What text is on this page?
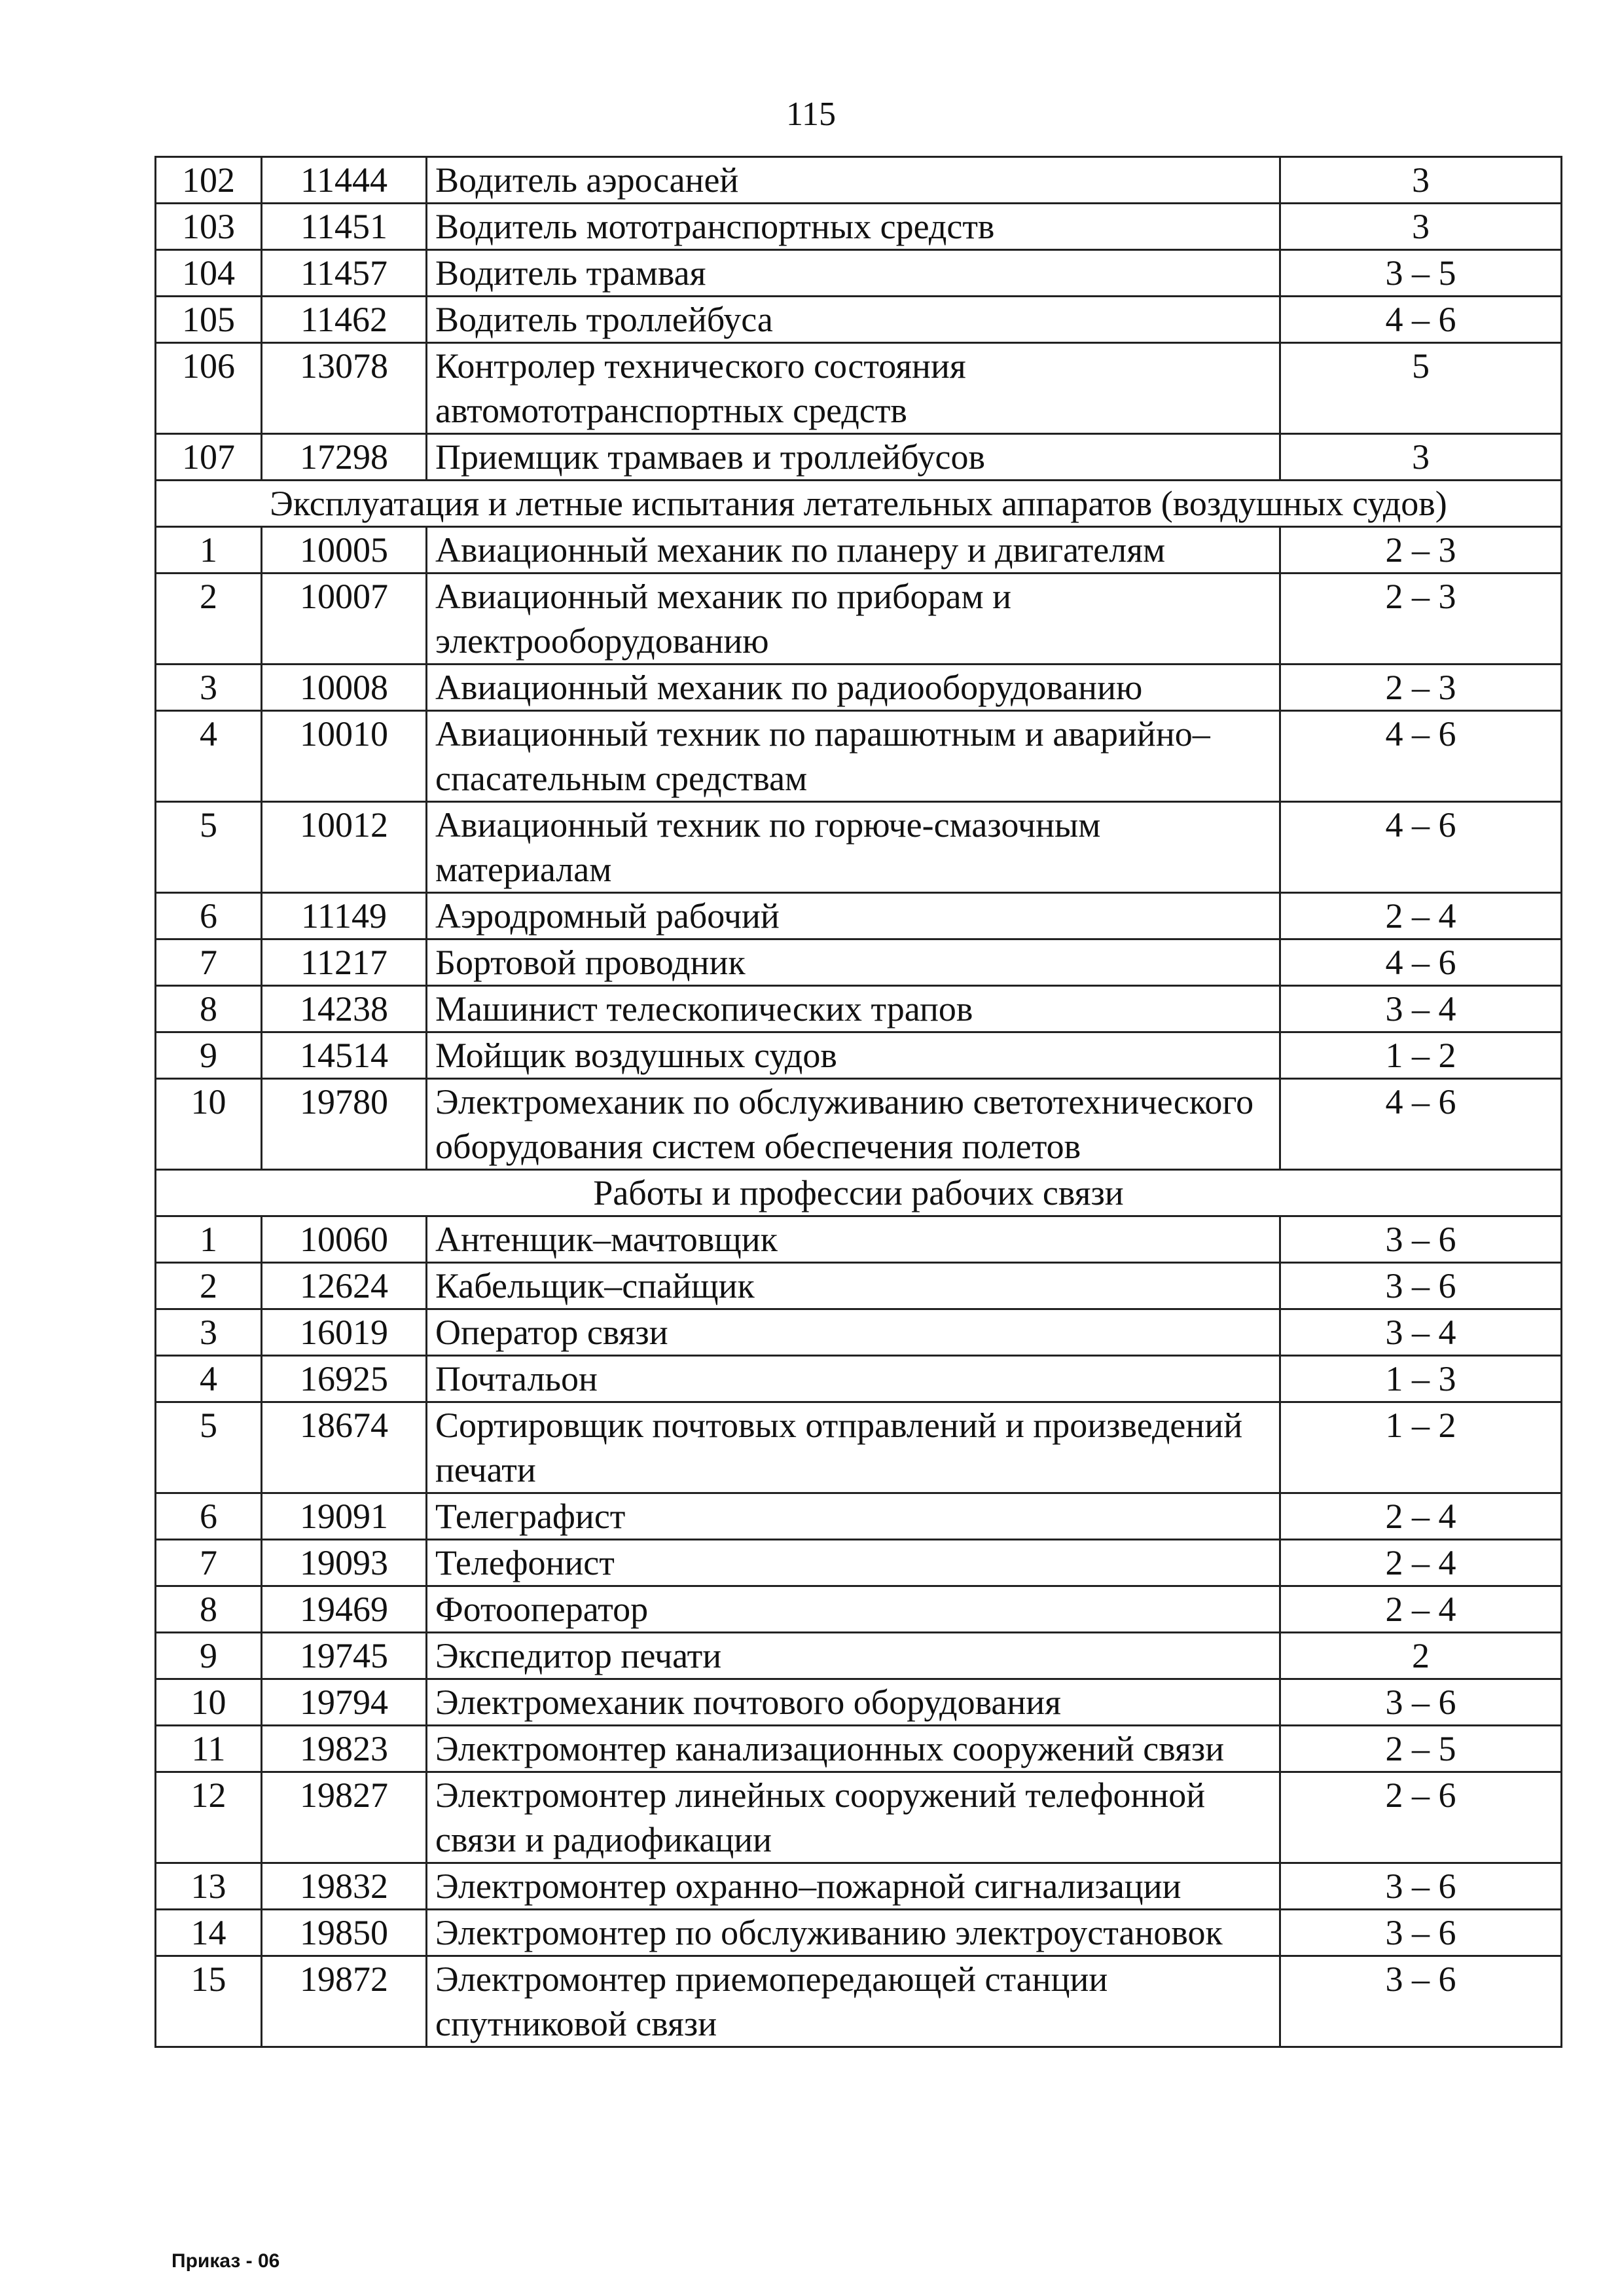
115
102	11444	Водитель аэросаней	3
103	11451	Водитель мототранспортных средств	3
104	11457	Водитель трамвая	3 – 5
105	11462	Водитель троллейбуса	4 – 6
106	13078	Контролер технического состояния автомототранспортных средств	5
107	17298	Приемщик трамваев и троллейбусов	3
Эксплуатация и летные испытания летательных аппаратов (воздушных судов)			
1	10005	Авиационный механик по планеру и двигателям	2 – 3
2	10007	Авиационный механик по приборам и электрооборудованию	2 – 3
3	10008	Авиационный механик по радиооборудованию	2 – 3
4	10010	Авиационный техник по парашютным и аварийно–спасательным средствам	4 – 6
5	10012	Авиационный техник по горюче-смазочным материалам	4 – 6
6	11149	Аэродромный рабочий	2 – 4
7	11217	Бортовой проводник	4 – 6
8	14238	Машинист телескопических трапов	3 – 4
9	14514	Мойщик воздушных судов	1 – 2
10	19780	Электромеханик по обслуживанию светотехнического оборудования систем обеспечения полетов	4 – 6
Работы и профессии рабочих связи			
1	10060	Антенщик–мачтовщик	3 – 6
2	12624	Кабельщик–спайщик	3 – 6
3	16019	Оператор связи	3 – 4
4	16925	Почтальон	1 – 3
5	18674	Сортировщик почтовых отправлений и произведений печати	1 – 2
6	19091	Телеграфист	2 – 4
7	19093	Телефонист	2 – 4
8	19469	Фотооператор	2 – 4
9	19745	Экспедитор печати	2
10	19794	Электромеханик почтового оборудования	3 – 6
11	19823	Электромонтер канализационных сооружений связи	2 – 5
12	19827	Электромонтер линейных сооружений телефонной связи и радиофикации	2 – 6
13	19832	Электромонтер охранно–пожарной сигнализации	3 – 6
14	19850	Электромонтер по обслуживанию электроустановок	3 – 6
15	19872	Электромонтер приемопередающей станции спутниковой связи	3 – 6
Приказ - 06
